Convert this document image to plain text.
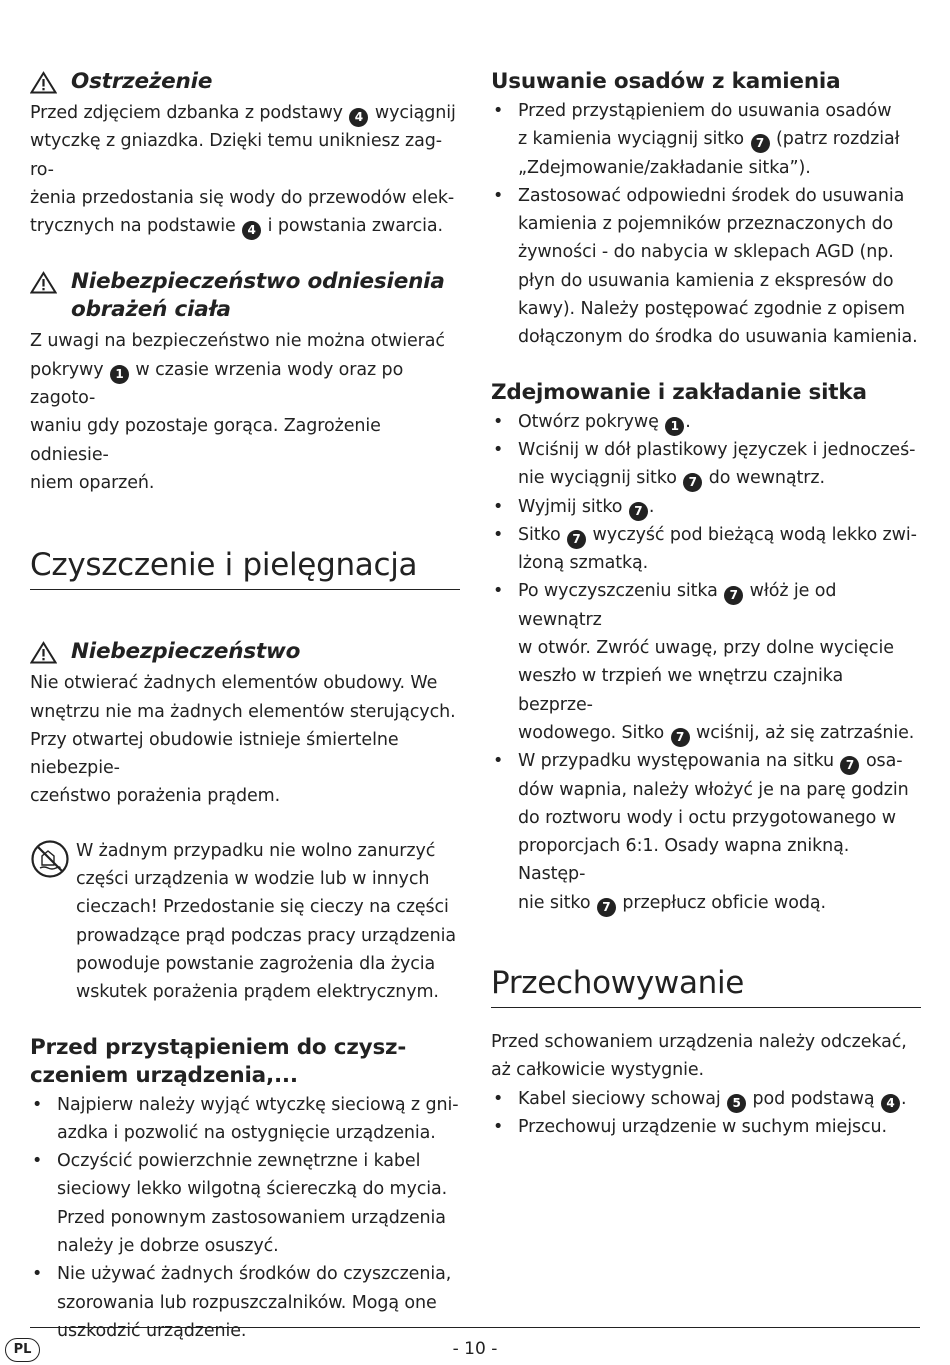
Ostrzeżenie

Przed zdjęciem dzbanka z podstawy 4 wyciągnij
wtyczkę z gniazdka. Dzięki temu unikniesz zag-ro-
żenia przedostania się wody do przewodów elek-
trycznych na podstawie 4 i powstania zwarcia.

Niebezpieczeństwo odniesienia
obrażeń ciała

Z uwagi na bezpieczeństwo nie można otwierać
pokrywy 1 w czasie wrzenia wody oraz po zagoto-
waniu gdy pozostaje gorąca. Zagrożenie odniesie-
niem oparzeń.

Czyszczenie i pielęgnacja
Niebezpieczeństwo

Nie otwierać żadnych elementów obudowy. We
wnętrzu nie ma żadnych elementów sterujących.
Przy otwartej obudowie istnieje śmiertelne niebezpie-
czeństwo porażenia prądem.

W żadnym przypadku nie wolno zanurzyć
części urządzenia w wodzie lub w innych
cieczach! Przedostanie się cieczy na części
prowadzące prąd podczas pracy urządzenia
powoduje powstanie zagrożenia dla życia
wskutek porażenia prądem elektrycznym.

Przed przystąpieniem do czysz-
czeniem urządzenia,...
• Najpierw należy wyjąć wtyczkę sieciową z gni-
azdka i pozwolić na ostygnięcie urządzenia.
• Oczyścić powierzchnie zewnętrzne i kabel
sieciowy lekko wilgotną ściereczką do mycia.
Przed ponownym zastosowaniem urządzenia
należy je dobrze osuszyć.
• Nie używać żadnych środków do czyszczenia,
szorowania lub rozpuszczalników. Mogą one
uszkodzić urządzenie.
Usuwanie osadów z kamienia
• Przed przystąpieniem do usuwania osadów
z kamienia wyciągnij sitko 7 (patrz rozdział
„Zdejmowanie/zakładanie sitka”).
• Zastosować odpowiedni środek do usuwania
kamienia z pojemników przeznaczonych do
żywności - do nabycia w sklepach AGD (np.
płyn do usuwania kamienia z ekspresów do
kawy). Należy postępować zgodnie z opisem
dołączonym do środka do usuwania kamienia.
Zdejmowanie i zakładanie sitka
• Otwórz pokrywę 1 .
• Wciśnij w dół plastikowy języczek i jednocześ-
nie wyciągnij sitko 7 do wewnątrz.
• Wyjmij sitko 7 .
• Sitko 7 wyczyść pod bieżącą wodą lekko zwi-
lżoną szmatką.
• Po wyczyszczeniu sitka 7 włóż je od wewnątrz
w otwór. Zwróć uwagę, przy dolne wycięcie
weszło w trzpień we wnętrzu czajnika bezprze-
wodowego. Sitko 7 wciśnij, aż się zatrzaśnie.
• W przypadku występowania na sitku 7 osa-
dów wapnia, należy włożyć je na parę godzin
do roztworu wody i octu przygotowanego w
proporcjach 6:1. Osady wapna znikną. Następ-
nie sitko 7 przepłucz obficie wodą.
Przechowywanie

Przed schowaniem urządzenia należy odczekać,
aż całkowicie wystygnie.

• Kabel sieciowy schowaj 5 pod podstawą 4 .
• Przechowuj urządzenie w suchym miejscu.
PL	- 10 -
